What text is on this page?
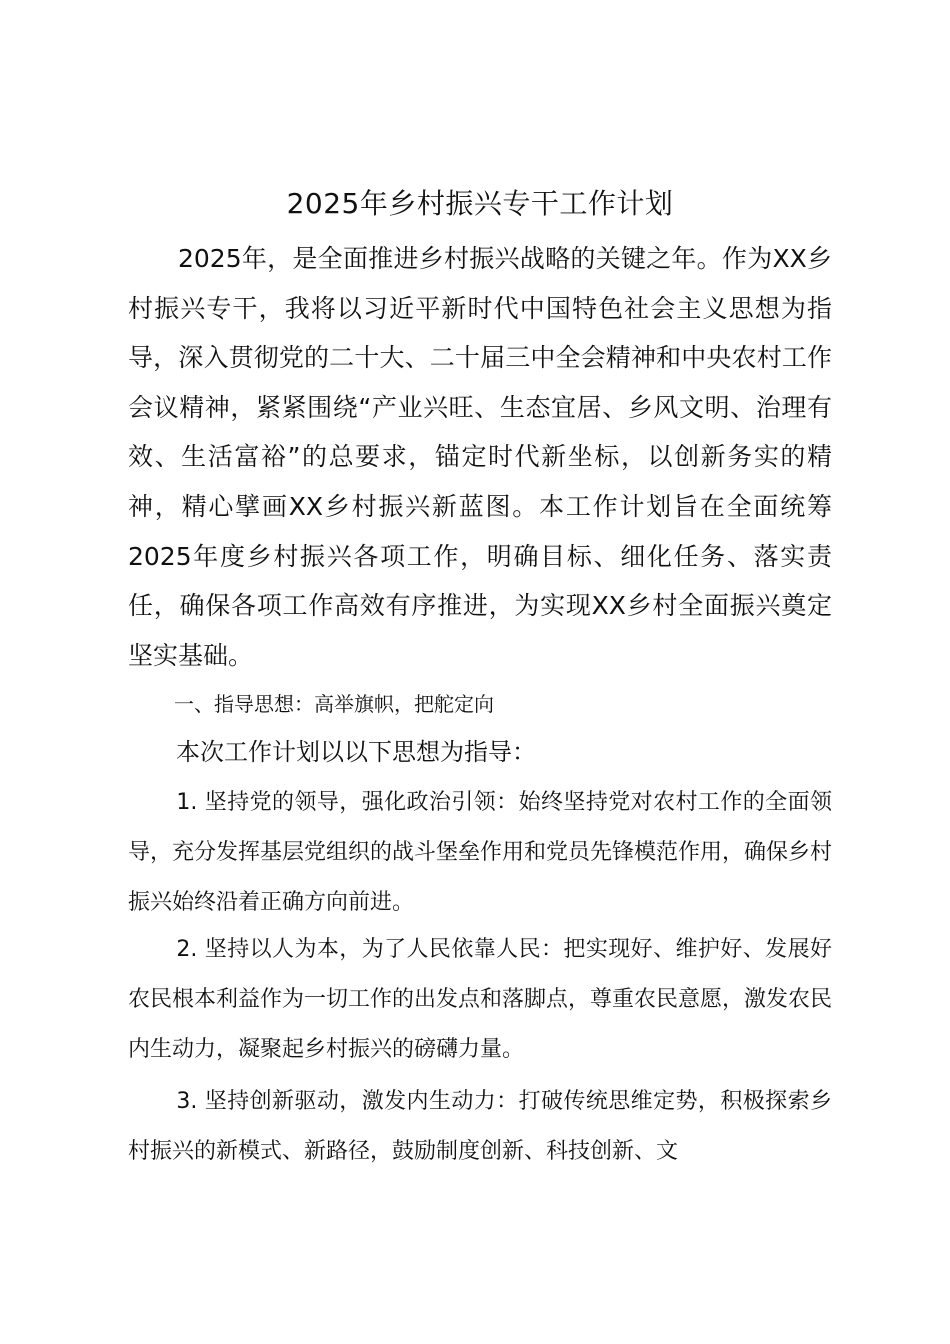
2025年乡村振兴专干工作计划

2025年，是全面推进乡村振兴战略的关键之年。作为XX乡村振兴专干，我将以习近平新时代中国特色社会主义思想为指导，深入贯彻党的二十大、二十届三中全会精神和中央农村工作会议精神，紧紧围绕“产业兴旺、生态宜居、乡风文明、治理有效、生活富裕”的总要求，锚定时代新坐标，以创新务实的精神，精心擘画XX乡村振兴新蓝图。本工作计划旨在全面统筹2025年度乡村振兴各项工作，明确目标、细化任务、落实责任，确保各项工作高效有序推进，为实现XX乡村全面振兴奠定坚实基础。

一、指导思想：高举旗帜，把舵定向

本次工作计划以以下思想为指导：

1. 坚持党的领导，强化政治引领：始终坚持党对农村工作的全面领导，充分发挥基层党组织的战斗堡垒作用和党员先锋模范作用，确保乡村振兴始终沿着正确方向前进。

2. 坚持以人为本，为了人民依靠人民：把实现好、维护好、发展好农民根本利益作为一切工作的出发点和落脚点，尊重农民意愿，激发农民内生动力，凝聚起乡村振兴的磅礴力量。

3. 坚持创新驱动，激发内生动力：打破传统思维定势，积极探索乡村振兴的新模式、新路径，鼓励制度创新、科技创新、文
